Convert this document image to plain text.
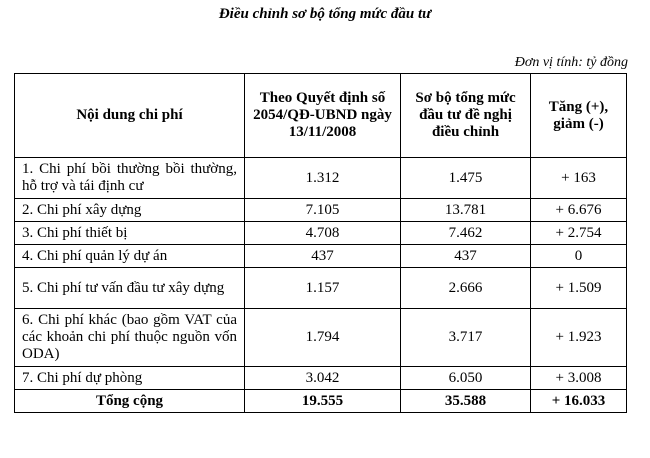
Điều chỉnh sơ bộ tổng mức đầu tư
Đơn vị tính: tỷ đồng
Nội dung chi phí	Theo Quyết định số 2054/QĐ-UBND ngày 13/11/2008	Sơ bộ tổng mức đầu tư đề nghị điều chỉnh	Tăng (+), giảm (-)
1. Chi phí bồi thường bồi thường, hỗ trợ và tái định cư	1.312	1.475	+ 163
2. Chi phí xây dựng	7.105	13.781	+ 6.676
3. Chi phí thiết bị	4.708	7.462	+ 2.754
4. Chi phí quản lý dự án	437	437	0
5. Chi phí tư vấn đầu tư xây dựng	1.157	2.666	+ 1.509
6. Chi phí khác (bao gồm VAT của các khoản chi phí thuộc nguồn vốn ODA)	1.794	3.717	+ 1.923
7. Chi phí dự phòng	3.042	6.050	+ 3.008
Tổng cộng	19.555	35.588	+ 16.033
